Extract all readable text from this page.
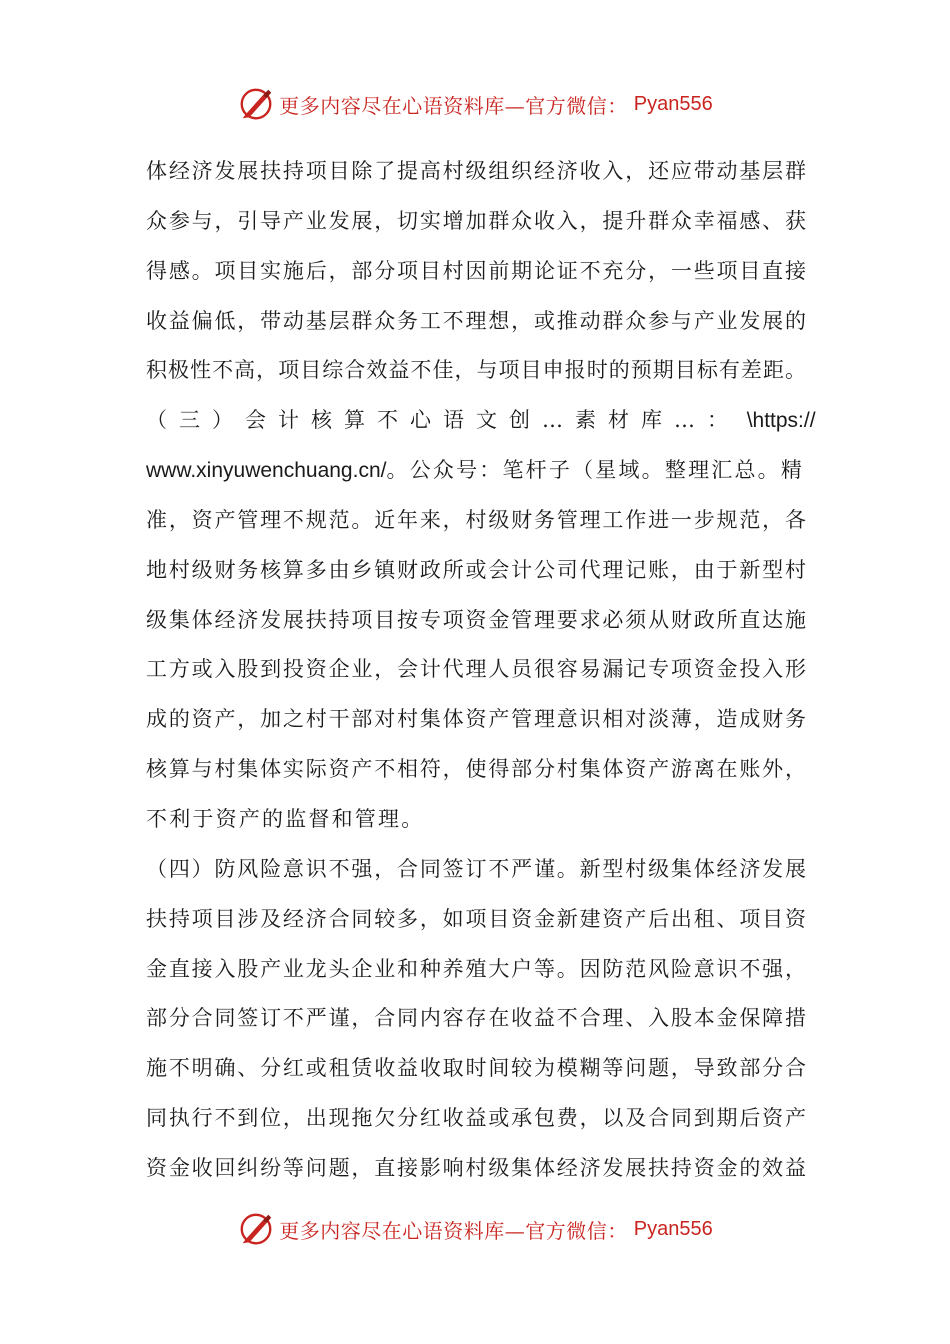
更多内容尽在心语资料库—官方微信： Pyan556
体经济发展扶持项目除了提高村级组织经济收入，还应带动基层群
众参与，引导产业发展，切实增加群众收入，提升群众幸福感、获
得感。项目实施后，部分项目村因前期论证不充分，一些项目直接
收益偏低，带动基层群众务工不理想，或推动群众参与产业发展的
积极性不高，项目综合效益不佳，与项目申报时的预期目标有差距。
（三）会计核算不心语文创…素材库…： \https://
www.xinyuwenchuang.cn/。公众号：笔杆子（星域。整理汇总。精
准，资产管理不规范。近年来，村级财务管理工作进一步规范，各
地村级财务核算多由乡镇财政所或会计公司代理记账，由于新型村
级集体经济发展扶持项目按专项资金管理要求必须从财政所直达施
工方或入股到投资企业，会计代理人员很容易漏记专项资金投入形
成的资产，加之村干部对村集体资产管理意识相对淡薄，造成财务
核算与村集体实际资产不相符，使得部分村集体资产游离在账外，
不利于资产的监督和管理。
（四）防风险意识不强，合同签订不严谨。新型村级集体经济发展
扶持项目涉及经济合同较多，如项目资金新建资产后出租、项目资
金直接入股产业龙头企业和种养殖大户等。因防范风险意识不强，
部分合同签订不严谨，合同内容存在收益不合理、入股本金保障措
施不明确、分红或租赁收益收取时间较为模糊等问题，导致部分合
同执行不到位，出现拖欠分红收益或承包费，以及合同到期后资产
资金收回纠纷等问题，直接影响村级集体经济发展扶持资金的效益
更多内容尽在心语资料库—官方微信： Pyan556
